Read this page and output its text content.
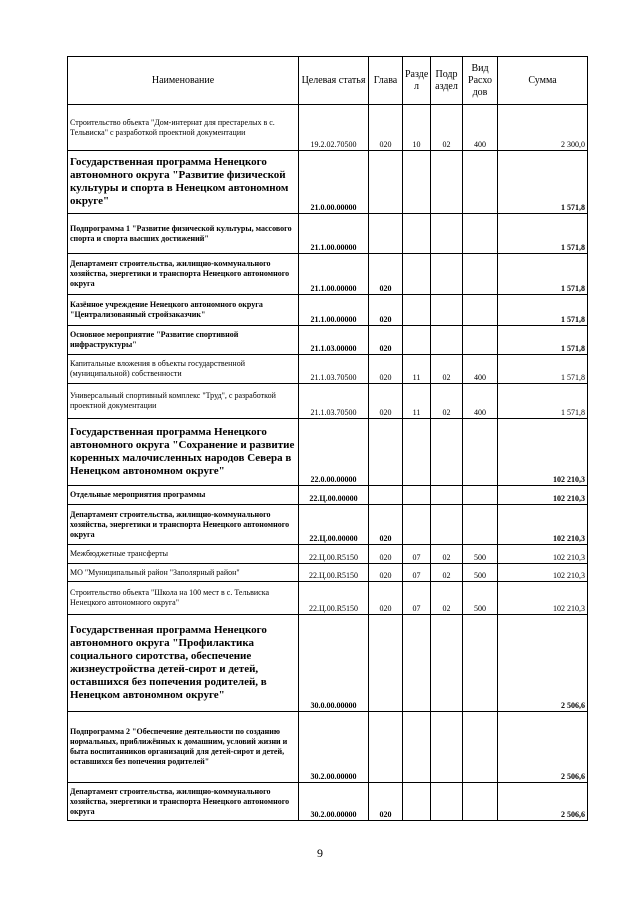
Наименование	Целевая статья	Глава	Разде л	Подр аздел	Вид Расхо дов	Сумма
Строительство объекта "Дом-интернат для престарелых в с. Тельвиска" с разработкой проектной документации	19.2.02.70500	020	10	02	400	2 300,0
Государственная программа Ненецкого автономного округа "Развитие физической культуры и спорта в Ненецком автономном округе"	21.0.00.00000					1 571,8
Подпрограмма 1 "Развитие физической культуры, массового спорта и спорта высших достижений"	21.1.00.00000					1 571,8
Департамент строительства, жилищно-коммунального хозяйства, энергетики и транспорта Ненецкого автономного округа	21.1.00.00000	020				1 571,8
Казённое учреждение Ненецкого автономного округа "Централизованный стройзаказчик"	21.1.00.00000	020				1 571,8
Основное мероприятие "Развитие спортивной инфраструктуры"	21.1.03.00000	020				1 571,8
Капитальные вложения в объекты государственной (муниципальной) собственности	21.1.03.70500	020	11	02	400	1 571,8
Универсальный спортивный комплекс "Труд", с разработкой проектной документации	21.1.03.70500	020	11	02	400	1 571,8
Государственная программа Ненецкого автономного округа "Сохранение и развитие коренных малочисленных народов Севера в Ненецком автономном округе"	22.0.00.00000					102 210,3
Отдельные мероприятия программы	22.Ц.00.00000					102 210,3
Департамент строительства, жилищно-коммунального хозяйства, энергетики и транспорта Ненецкого автономного округа	22.Ц.00.00000	020				102 210,3
Межбюджетные трансферты	22.Ц.00.R5150	020	07	02	500	102 210,3
МО "Муниципальный район "Заполярный район"	22.Ц.00.R5150	020	07	02	500	102 210,3
Строительство объекта "Школа на 100 мест в с. Тельвиска Ненецкого автономного округа"	22.Ц.00.R5150	020	07	02	500	102 210,3
Государственная программа Ненецкого автономного округа "Профилактика социального сиротства, обеспечение жизнеустройства детей-сирот и детей, оставшихся без попечения родителей, в Ненецком автономном округе"	30.0.00.00000					2 506,6
Подпрограмма 2 "Обеспечение деятельности по созданию нормальных, приближённых к домашним, условий жизни и быта воспитанников организаций для детей-сирот и детей, оставшихся без попечения родителей"	30.2.00.00000					2 506,6
Департамент строительства, жилищно-коммунального хозяйства, энергетики и транспорта Ненецкого автономного округа	30.2.00.00000	020				2 506,6
9
